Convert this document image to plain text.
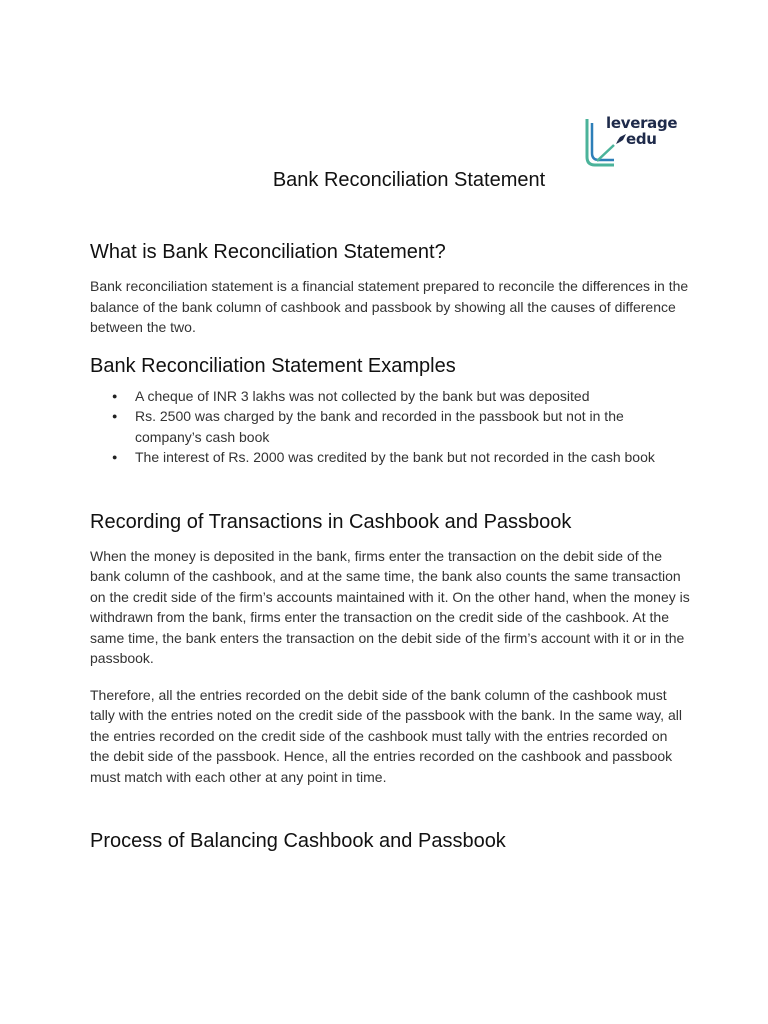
leverage
edu
Bank Reconciliation Statement
What is Bank Reconciliation Statement?

Bank reconciliation statement is a financial statement prepared to reconcile the differences in the balance of the bank column of cashbook and passbook by showing all the causes of difference between the two.

Bank Reconciliation Statement Examples
● A cheque of INR 3 lakhs was not collected by the bank but was deposited
● Rs. 2500 was charged by the bank and recorded in the passbook but not in the company’s cash book
● The interest of Rs. 2000 was credited by the bank but not recorded in the cash book
Recording of Transactions in Cashbook and Passbook

When the money is deposited in the bank, firms enter the transaction on the debit side of the bank column of the cashbook, and at the same time, the bank also counts the same transaction on the credit side of the firm’s accounts maintained with it. On the other hand, when the money is withdrawn from the bank, firms enter the transaction on the credit side of the cashbook. At the same time, the bank enters the transaction on the debit side of the firm’s account with it or in the passbook.

Therefore, all the entries recorded on the debit side of the bank column of the cashbook must tally with the entries noted on the credit side of the passbook with the bank. In the same way, all the entries recorded on the credit side of the cashbook must tally with the entries recorded on the debit side of the passbook. Hence, all the entries recorded on the cashbook and passbook must match with each other at any point in time.

Process of Balancing Cashbook and Passbook
